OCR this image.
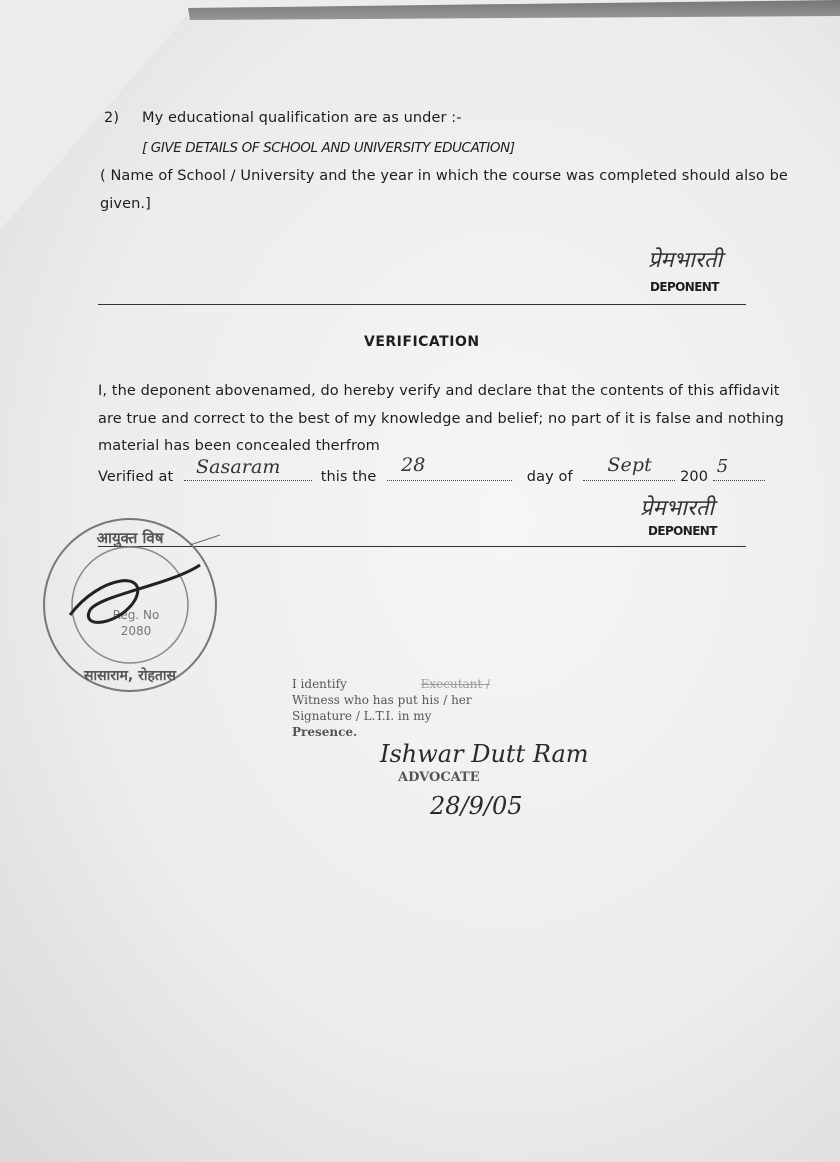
2) My educational qualification are as under :-
[ GIVE DETAILS OF SCHOOL AND UNIVERSITY EDUCATION]
( Name of School / University and the year in which the course was completed should also be
given.]
प्रेमभारती
DEPONENT
VERIFICATION
I, the deponent abovenamed, do hereby verify and declare that the contents of this affidavit
are true and correct to the best of my knowledge and belief; no part of it is false and nothing
material has been concealed therfrom
Verified at Sasaram	this the
28
day of
Sept
200 5
प्रेमभारती
DEPONENT
आयुक्त विष
Reg. No
2080
सासाराम, रोहतास	I identify	Executant /
Witness who has put his / her
Signature / L.T.I. in my
Presence.
Ishwar Dutt Ram
ADVOCATE
28/9/05
